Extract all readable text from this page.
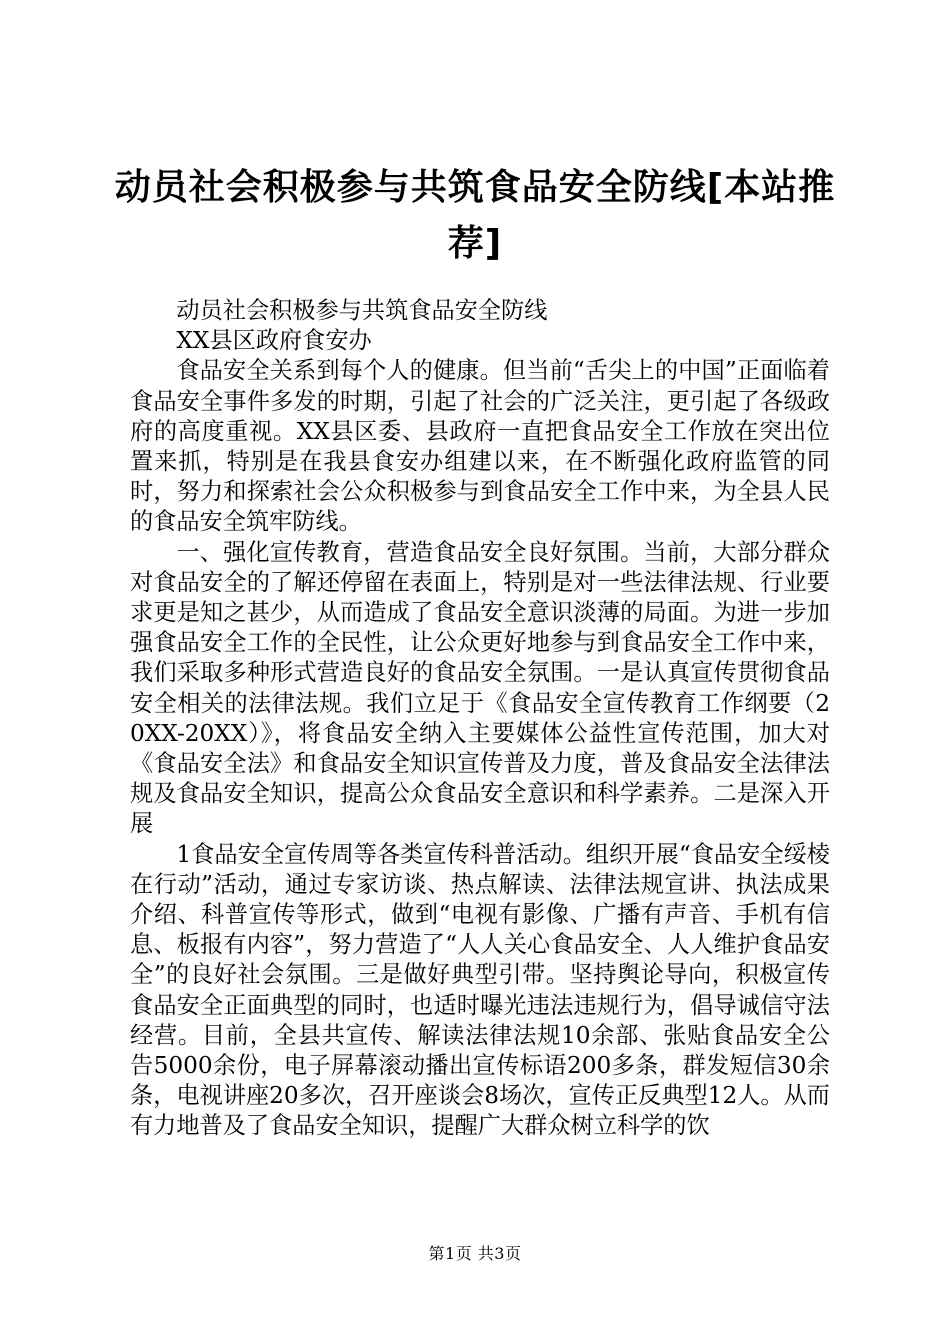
动员社会积极参与共筑食品安全防线[本站推荐]

动员社会积极参与共筑食品安全防线

XX县区政府食安办

食品安全关系到每个人的健康。但当前“舌尖上的中国”正面临着食品安全事件多发的时期，引起了社会的广泛关注，更引起了各级政府的高度重视。XX县区委、县政府一直把食品安全工作放在突出位置来抓，特别是在我县食安办组建以来，在不断强化政府监管的同时，努力和探索社会公众积极参与到食品安全工作中来，为全县人民的食品安全筑牢防线。

一、强化宣传教育，营造食品安全良好氛围。当前，大部分群众对食品安全的了解还停留在表面上，特别是对一些法律法规、行业要求更是知之甚少，从而造成了食品安全意识淡薄的局面。为进一步加强食品安全工作的全民性，让公众更好地参与到食品安全工作中来，我们采取多种形式营造良好的食品安全氛围。一是认真宣传贯彻食品安全相关的法律法规。我们立足于《食品安全宣传教育工作纲要（20XX-20XX）》，将食品安全纳入主要媒体公益性宣传范围，加大对《食品安全法》和食品安全知识宣传普及力度，普及食品安全法律法规及食品安全知识，提高公众食品安全意识和科学素养。二是深入开展

1食品安全宣传周等各类宣传科普活动。组织开展“食品安全绥棱在行动”活动，通过专家访谈、热点解读、法律法规宣讲、执法成果介绍、科普宣传等形式，做到“电视有影像、广播有声音、手机有信息、板报有内容”，努力营造了“人人关心食品安全、人人维护食品安全”的良好社会氛围。三是做好典型引带。坚持舆论导向，积极宣传食品安全正面典型的同时，也适时曝光违法违规行为，倡导诚信守法经营。目前，全县共宣传、解读法律法规10余部、张贴食品安全公告5000余份，电子屏幕滚动播出宣传标语200多条，群发短信30余条，电视讲座20多次，召开座谈会8场次，宣传正反典型12人。从而有力地普及了食品安全知识，提醒广大群众树立科学的饮

第1页 共3页
